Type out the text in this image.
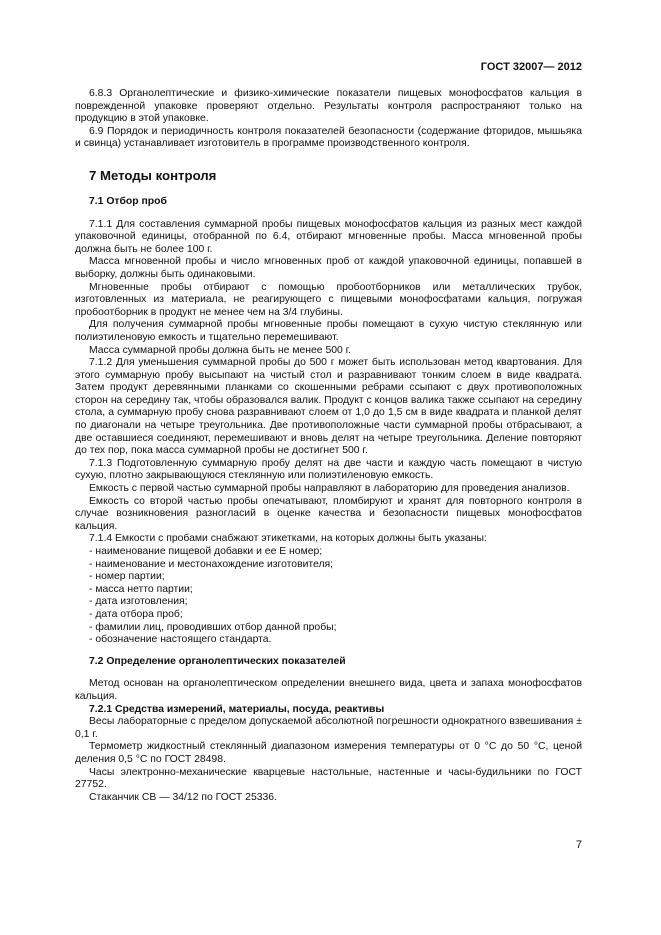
ГОСТ 32007— 2012

6.8.3 Органолептические и физико-химические показатели пищевых монофосфатов кальция в поврежденной упаковке проверяют отдельно. Результаты контроля распространяют только на продукцию в этой упаковке.

6.9 Порядок и периодичность контроля показателей безопасности (содержание фторидов, мышьяка и свинца) устанавливает изготовитель в программе производственного контроля.

7 Методы контроля
7.1 Отбор проб

7.1.1 Для составления суммарной пробы пищевых монофосфатов кальция из разных мест каждой упаковочной единицы, отобранной по 6.4, отбирают мгновенные пробы. Масса мгновенной пробы должна быть не более 100 г.

Масса мгновенной пробы и число мгновенных проб от каждой упаковочной единицы, попавшей в выборку, должны быть одинаковыми.

Мгновенные пробы отбирают с помощью пробоотборников или металлических трубок, изготовленных из материала, не реагирующего с пищевыми монофосфатами кальция, погружая пробоотборник в продукт не менее чем на 3/4 глубины.

Для получения суммарной пробы мгновенные пробы помещают в сухую чистую стеклянную или полиэтиленовую емкость и тщательно перемешивают.

Масса суммарной пробы должна быть не менее 500 г.

7.1.2 Для уменьшения суммарной пробы до 500 г может быть использован метод квартования. Для этого суммарную пробу высыпают на чистый стол и разравнивают тонким слоем в виде квадрата. Затем продукт деревянными планками со скошенными ребрами ссыпают с двух противоположных сторон на середину так, чтобы образовался валик. Продукт с концов валика также ссыпают на середину стола, а суммарную пробу снова разравнивают слоем от 1,0 до 1,5 см в виде квадрата и планкой делят по диагонали на четыре треугольника. Две противоположные части суммарной пробы отбрасывают, а две оставшиеся соединяют, перемешивают и вновь делят на четыре треугольника. Деление повторяют до тех пор, пока масса суммарной пробы не достигнет 500 г.

7.1.3 Подготовленную суммарную пробу делят на две части и каждую часть помещают в чистую сухую, плотно закрывающуюся стеклянную или полиэтиленовую емкость.

Емкость с первой частью суммарной пробы направляют в лабораторию для проведения анализов.

Емкость со второй частью пробы опечатывают, пломбируют и хранят для повторного контроля в случае возникновения разногласий в оценке качества и безопасности пищевых монофосфатов кальция.

7.1.4 Емкости с пробами снабжают этикетками, на которых должны быть указаны:

- наименование пищевой добавки и ее Е номер;
- наименование и местонахождение изготовителя;
- номер партии;
- масса нетто партии;
- дата изготовления;
- дата отбора проб;
- фамилии лиц, проводивших отбор данной пробы;
- обозначение настоящего стандарта.
7.2 Определение органолептических показателей

Метод основан на органолептическом определении внешнего вида, цвета и запаха монофосфатов кальция.

7.2.1 Средства измерений, материалы, посуда, реактивы

Весы лабораторные с пределом допускаемой абсолютной погрешности однократного взвешивания ± 0,1 г.

Термометр жидкостный стеклянный диапазоном измерения температуры от 0 °С до 50 °С, ценой деления 0,5 °С по ГОСТ 28498.

Часы электронно-механические кварцевые настольные, настенные и часы-будильники по ГОСТ 27752.

Стаканчик СВ — 34/12 по ГОСТ 25336.

7
